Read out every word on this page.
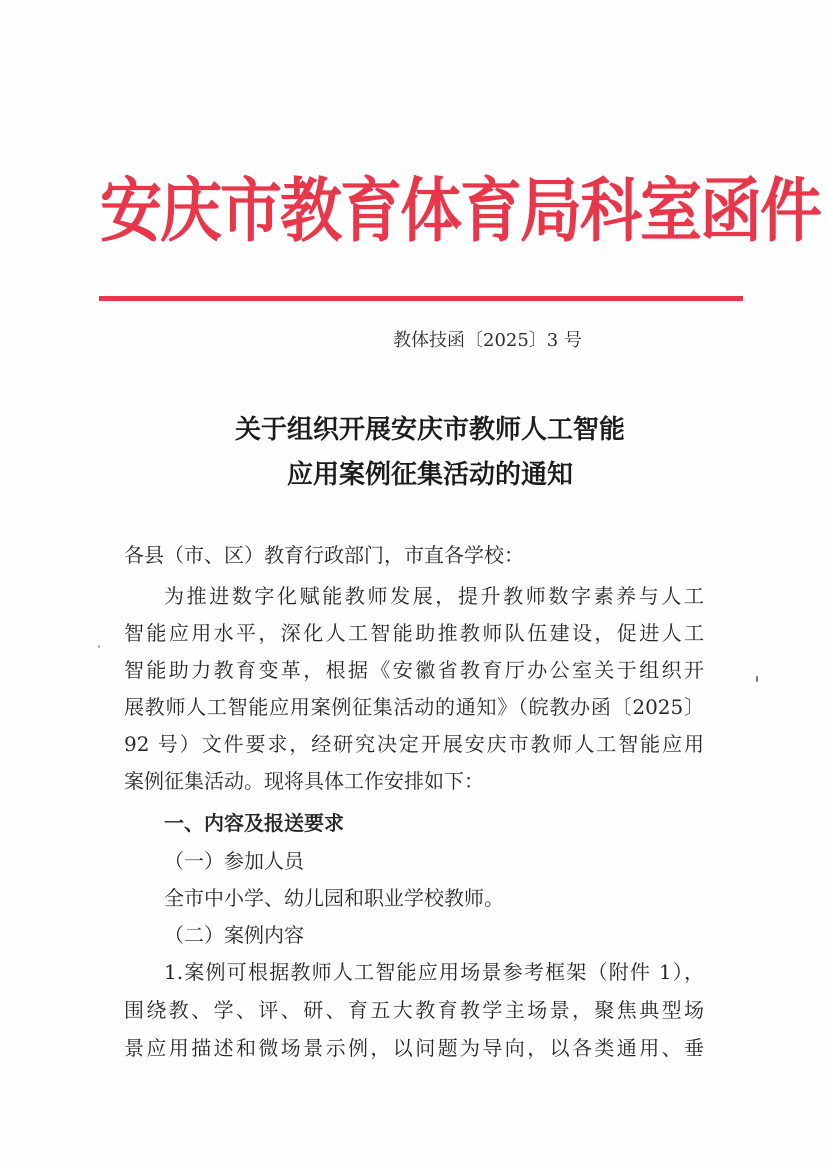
安庆市教育体育局科室函件
教体技函〔2025〕3 号
关于组织开展安庆市教师人工智能
应用案例征集活动的通知
各县（市、区）教育行政部门，市直各学校：
为推进数字化赋能教师发展，提升教师数字素养与人工
智能应用水平，深化人工智能助推教师队伍建设，促进人工
智能助力教育变革，根据《安徽省教育厅办公室关于组织开
展教师人工智能应用案例征集活动的通知》（皖教办函〔2025〕
92 号）文件要求，经研究决定开展安庆市教师人工智能应用
案例征集活动。现将具体工作安排如下：
一、内容及报送要求
（一）参加人员
全市中小学、幼儿园和职业学校教师。
（二）案例内容
1.案例可根据教师人工智能应用场景参考框架（附件 1），
围绕教、学、评、研、育五大教育教学主场景，聚焦典型场
景应用描述和微场景示例，以问题为导向，以各类通用、垂
